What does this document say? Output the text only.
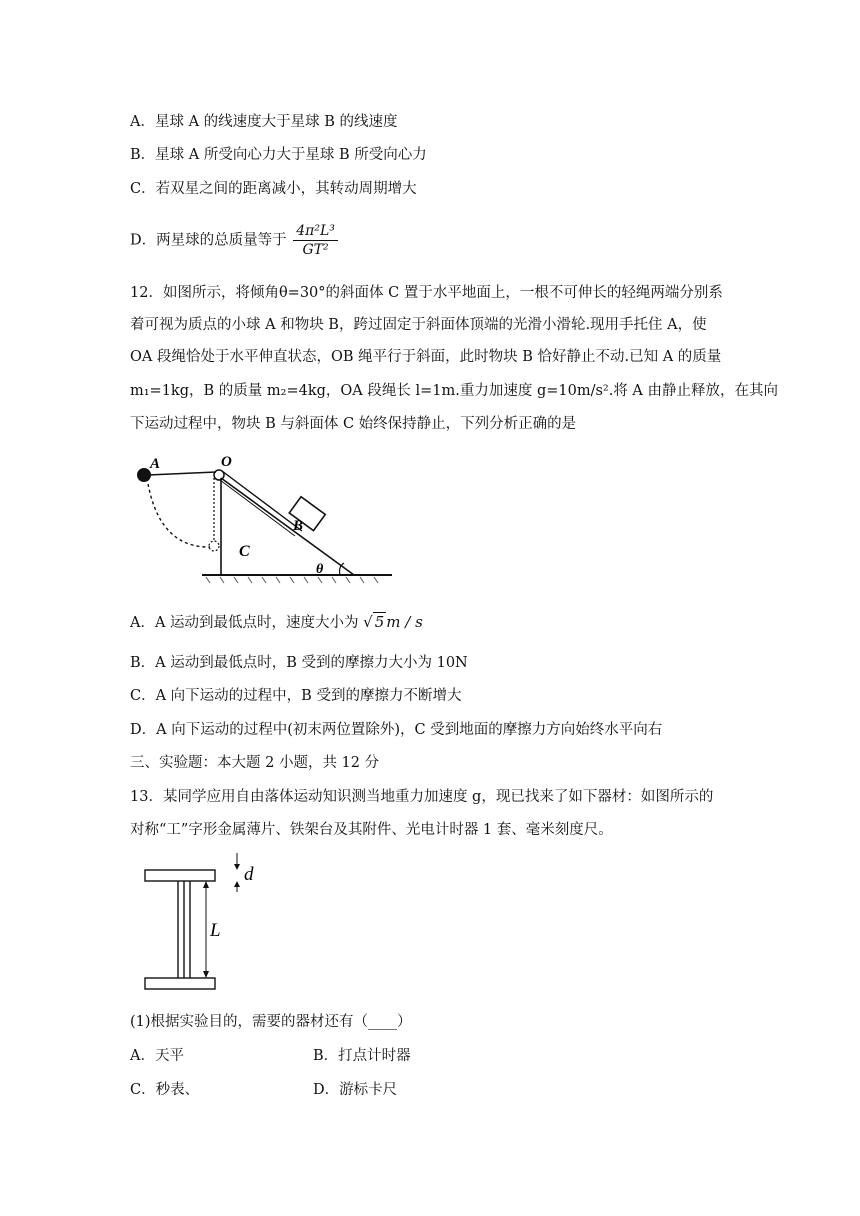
A．星球 A 的线速度大于星球 B 的线速度
B．星球 A 所受向心力大于星球 B 所受向心力
C．若双星之间的距离减小，其转动周期增大
D．两星球的总质量等于 $\frac{\text{4π²L³}}{\text{GT²}}$
12．如图所示，将倾角θ=30°的斜面体 C 置于水平地面上，一根不可伸长的轻绳两端分别系
着可视为质点的小球 A 和物块 B，跨过固定于斜面体顶端的光滑小滑轮.现用手托住 A，使
OA 段绳恰处于水平伸直状态，OB 绳平行于斜面，此时物块 B 恰好静止不动.已知 A 的质量
m₁=1kg，B 的质量 m₂=4kg，OA 段绳长 l=1m.重力加速度 g=10m/s².将 A 由静止释放，在其向
下运动过程中，物块 B 与斜面体 C 始终保持静止，下列分析正确的是
A	O
B
C
θ
A．A 运动到最低点时，速度大小为 √ 5 m / s
B．A 运动到最低点时，B 受到的摩擦力大小为 10N
C．A 向下运动的过程中，B 受到的摩擦力不断增大
D．A 向下运动的过程中(初末两位置除外)，C 受到地面的摩擦力方向始终水平向右
三、实验题：本大题 2 小题，共 12 分
13．某同学应用自由落体运动知识测当地重力加速度 g，现已找来了如下器材：如图所示的
对称“工”字形金属薄片、铁架台及其附件、光电计时器 1 套、毫米刻度尺。
d
L
(1)根据实验目的，需要的器材还有（____）
A．天平	B．打点计时器
C．秒表、	D．游标卡尺
